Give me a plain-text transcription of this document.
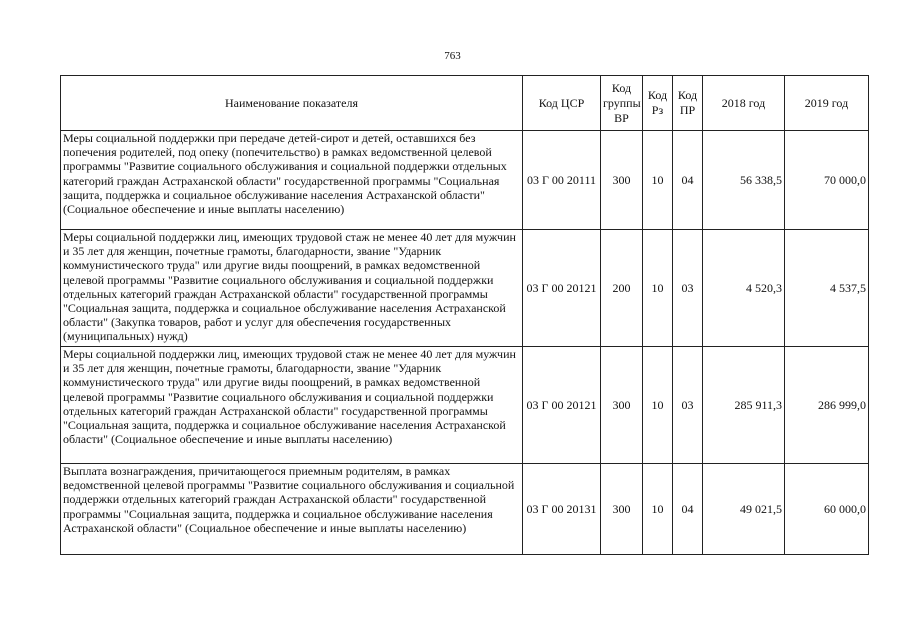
763
Наименование показателя	Код ЦСР	Код группы ВР	Код Рз	Код ПР	2018 год	2019 год
Меры социальной поддержки при передаче детей-сирот и детей, оставшихся без попечения родителей, под опеку (попечительство) в рамках ведомственной целевой программы "Развитие социального обслуживания и социальной поддержки отдельных категорий граждан Астраханской области" государственной программы "Социальная защита, поддержка и социальное обслуживание населения Астраханской области" (Социальное обеспечение и иные выплаты населению)	03 Г 00 20111	300	10	04	56 338,5	70 000,0
Меры социальной поддержки лиц, имеющих трудовой стаж не менее 40 лет для мужчин и 35 лет для женщин, почетные грамоты, благодарности, звание "Ударник коммунистического труда" или другие виды поощрений, в рамках ведомственной целевой программы "Развитие социального обслуживания и социальной поддержки отдельных категорий граждан Астраханской области" государственной программы "Социальная защита, поддержка и социальное обслуживание населения Астраханской области" (Закупка товаров, работ и услуг для обеспечения государственных (муниципальных) нужд)	03 Г 00 20121	200	10	03	4 520,3	4 537,5
Меры социальной поддержки лиц, имеющих трудовой стаж не менее 40 лет для мужчин и 35 лет для женщин, почетные грамоты, благодарности, звание "Ударник коммунистического труда" или другие виды поощрений, в рамках ведомственной целевой программы "Развитие социального обслуживания и социальной поддержки отдельных категорий граждан Астраханской области" государственной программы "Социальная защита, поддержка и социальное обслуживание населения Астраханской области" (Социальное обеспечение и иные выплаты населению)	03 Г 00 20121	300	10	03	285 911,3	286 999,0
Выплата вознаграждения, причитающегося приемным родителям, в рамках ведомственной целевой программы "Развитие социального обслуживания и социальной поддержки отдельных категорий граждан Астраханской области" государственной программы "Социальная защита, поддержка и социальное обслуживание населения Астраханской области" (Социальное обеспечение и иные выплаты населению)	03 Г 00 20131	300	10	04	49 021,5	60 000,0
